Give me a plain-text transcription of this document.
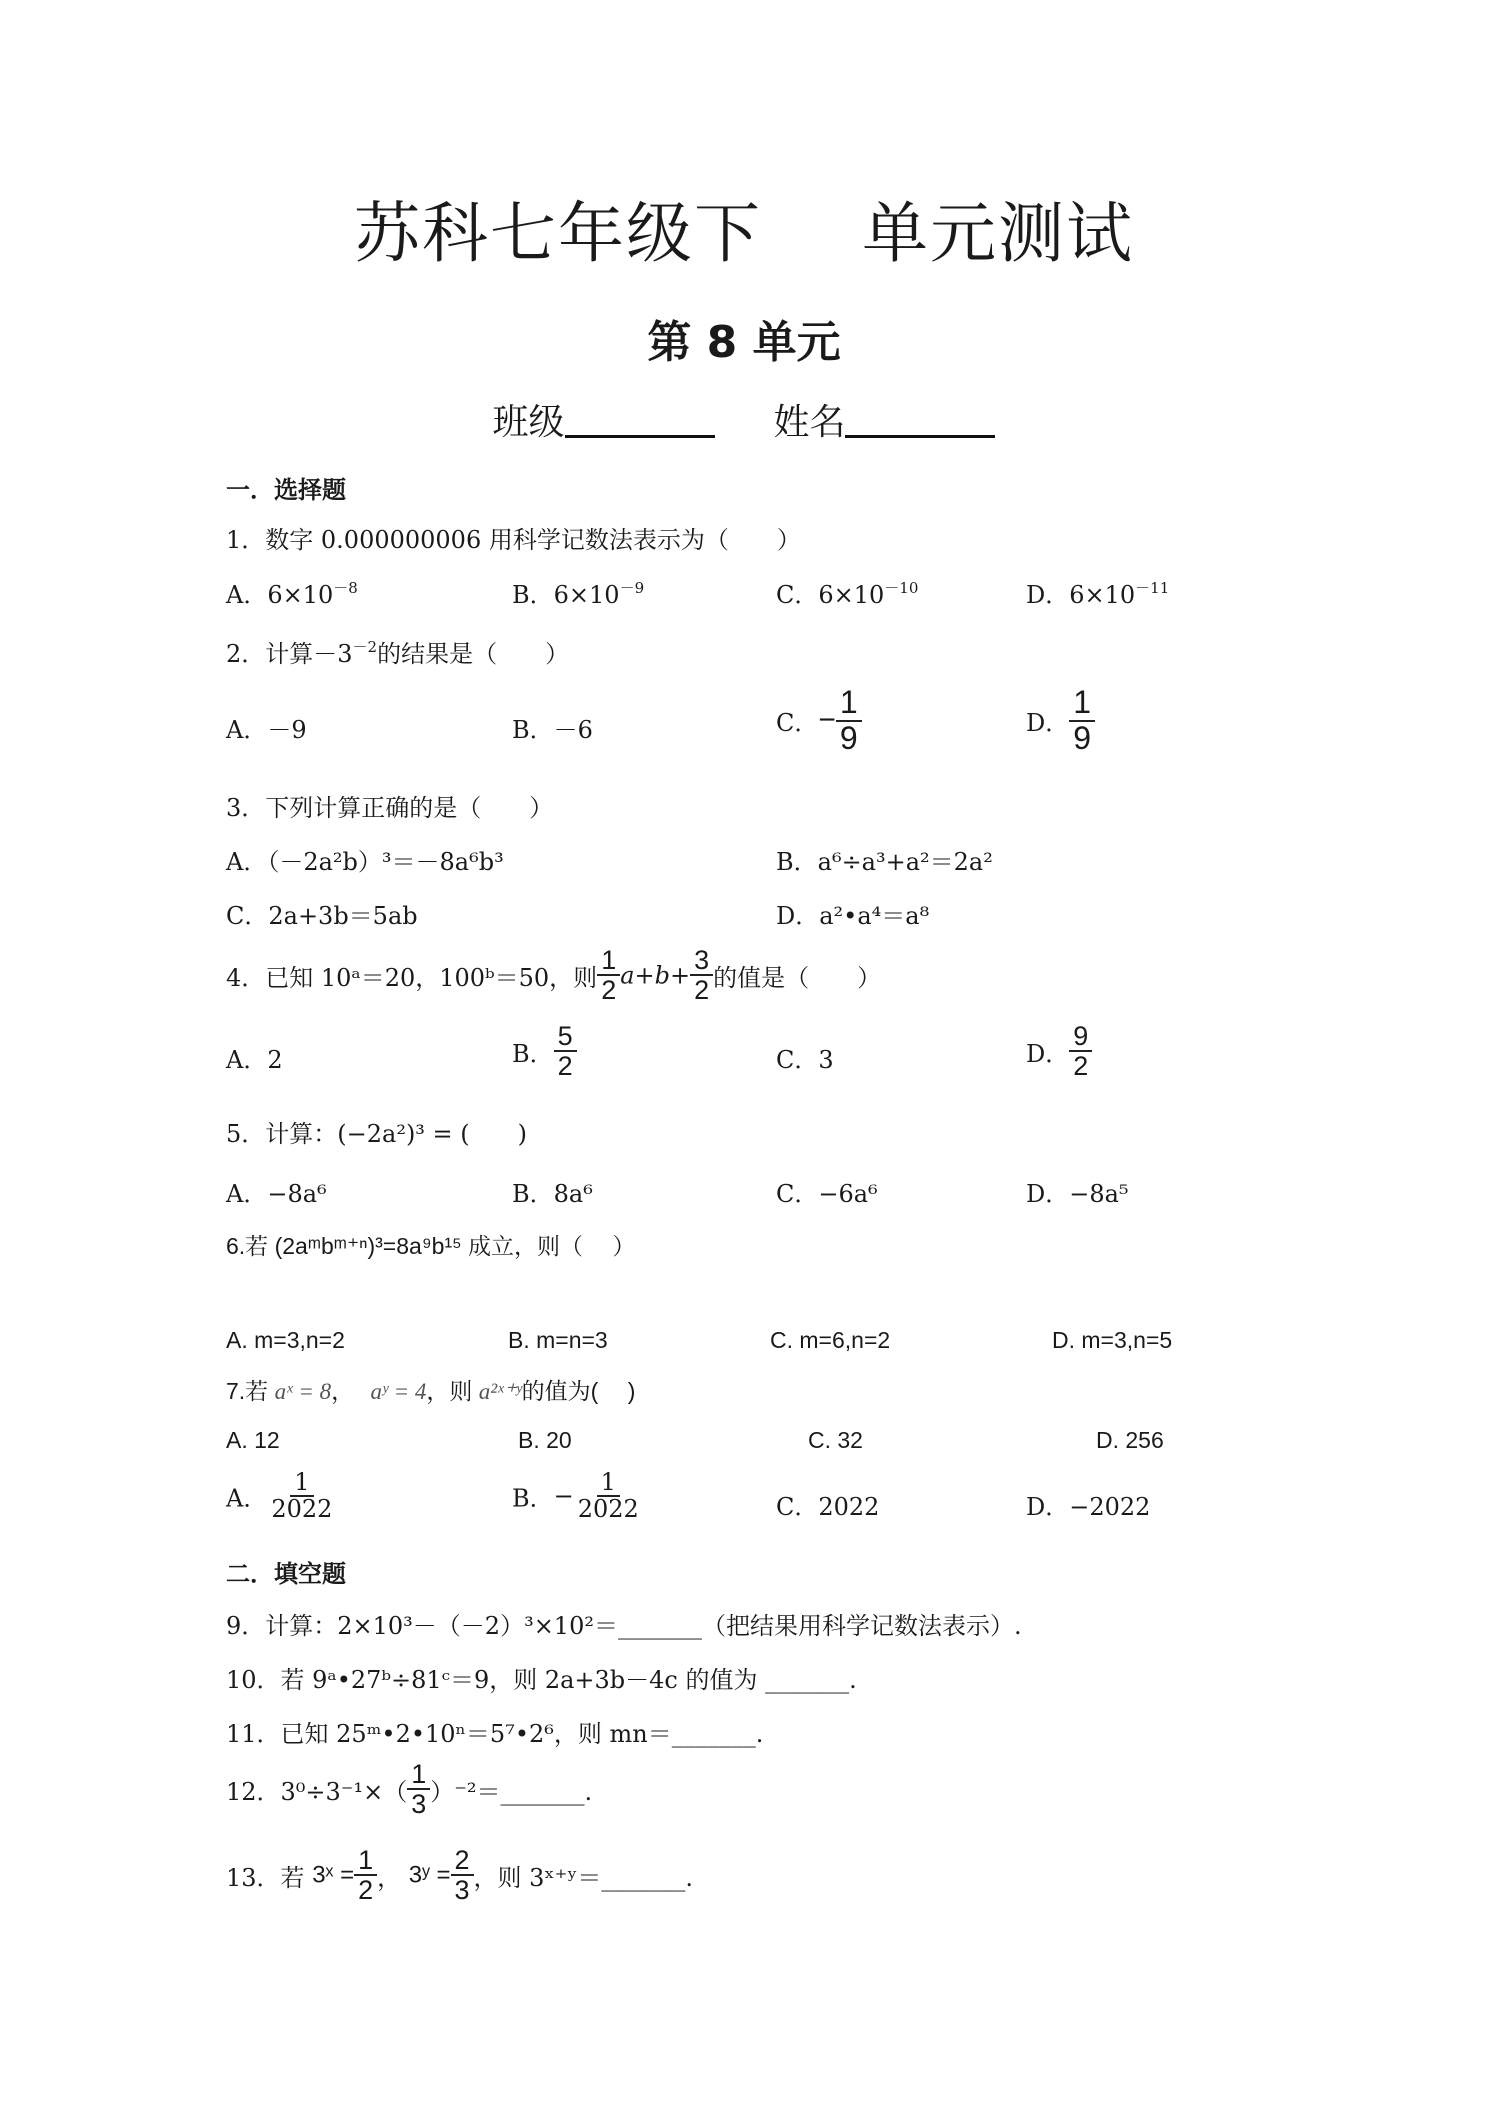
苏科七年级下 单元测试
第 8 单元
班级	姓名
一．选择题
1．数字 0.000000006 用科学记数法表示为（　　）
A．$6\times 10^{-8}$	B．$6\times 10^{-9}$	C．$6\times 10^{-10}$	D．$6\times 10^{-11}$
2．计算$-3^{-2}$的结果是（　　）
A．－9	B．－6	C．− $\frac{1}{9}$	D． $\frac{1}{9}$
3．下列计算正确的是（　　）
A．（－2a²b）³＝－8a⁶b³	B．a⁶÷a³+a²＝2a²
C．2a+3b＝5ab	D．a²•a⁴＝a⁸
4．已知 10ᵃ＝20，100ᵇ＝50，则 $\frac{1}{2} a+b+ \frac{3}{2}$ 的值是（　　）
A．2	B． $\frac{5}{2}$	C．3	D． $\frac{9}{2}$
5．计算：(−2a²)³ = (　　)
A．−8a⁶	B．8a⁶	C．−6a⁶	D．−8a⁵
6.若 (2aᵐbᵐ⁺ⁿ)³=8a⁹b¹⁵ 成立，则（　 ）
A. m=3,n=2	B. m=n=3	C. m=6,n=2	D. m=3,n=5
7.若 aˣ = 8， aʸ = 4，则 a²ˣ⁺ʸ的值为(　 )
A. 12	B. 20	C. 32	D. 256
A． $\frac{1}{2022}$	B．− $\frac{1}{2022}$	C．2022	D．−2022
二．填空题
9．计算：2×10³－（－2）³×10²＝_______（把结果用科学记数法表示）.
10．若 9ᵃ•27ᵇ÷81ᶜ＝9，则 2a+3b－4c 的值为 _______.
11．已知 25ᵐ•2•10ⁿ＝5⁷•2⁶，则 mn＝_______.
12．$3^0\div 3^{-1}\times( \frac{1}{3}$ ）⁻²＝_______.
13．若 3ˣ = $\frac{1}{2}$ ， 3ʸ = $\frac{2}{3}$ ，则 3ˣ⁺ʸ＝_______.
